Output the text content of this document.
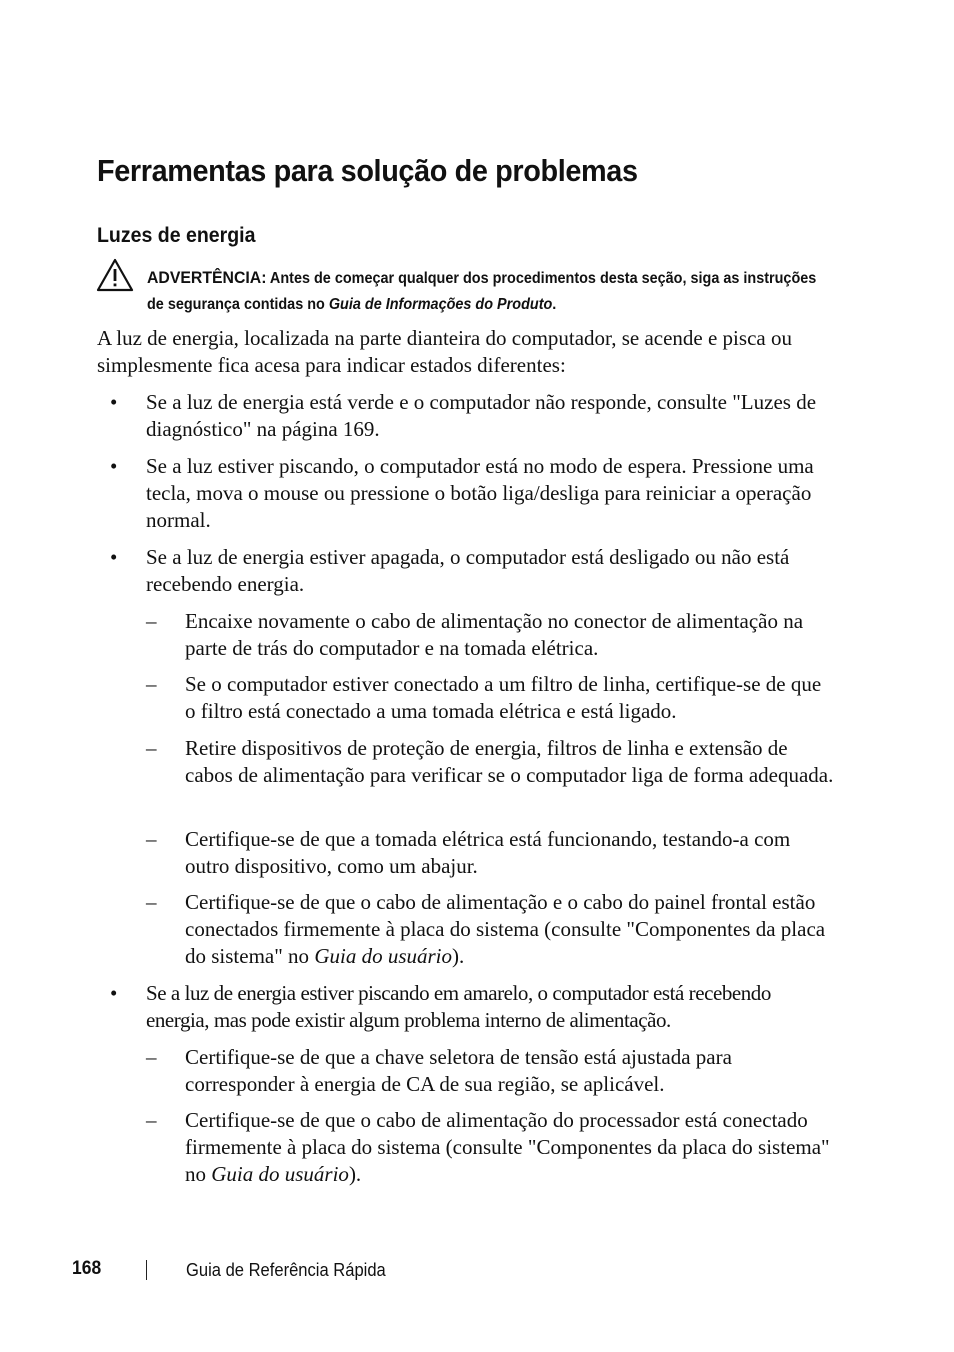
Ferramentas para solução de problemas
Luzes de energia
ADVERTÊNCIA: Antes de começar qualquer dos procedimentos desta seção, siga as instruções de segurança contidas no Guia de Informações do Produto.
A luz de energia, localizada na parte dianteira do computador, se acende e pisca ou simplesmente fica acesa para indicar estados diferentes:
• Se a luz de energia está verde e o computador não responde, consulte "Luzes de diagnóstico" na página 169.
• Se a luz estiver piscando, o computador está no modo de espera. Pressione uma tecla, mova o mouse ou pressione o botão liga/desliga para reiniciar a operação normal.
• Se a luz de energia estiver apagada, o computador está desligado ou não está recebendo energia.
– Encaixe novamente o cabo de alimentação no conector de alimentação na parte de trás do computador e na tomada elétrica.
– Se o computador estiver conectado a um filtro de linha, certifique-se de que o filtro está conectado a uma tomada elétrica e está ligado.
– Retire dispositivos de proteção de energia, filtros de linha e extensão de cabos de alimentação para verificar se o computador liga de forma adequada.
– Certifique-se de que a tomada elétrica está funcionando, testando-a com outro dispositivo, como um abajur.
– Certifique-se de que o cabo de alimentação e o cabo do painel frontal estão conectados firmemente à placa do sistema (consulte "Componentes da placa do sistema" no Guia do usuário).
• Se a luz de energia estiver piscando em amarelo, o computador está recebendo energia, mas pode existir algum problema interno de alimentação.
– Certifique-se de que a chave seletora de tensão está ajustada para corresponder à energia de CA de sua região, se aplicável.
– Certifique-se de que o cabo de alimentação do processador está conectado firmemente à placa do sistema (consulte "Componentes da placa do sistema" no Guia do usuário).
168	Guia de Referência Rápida
